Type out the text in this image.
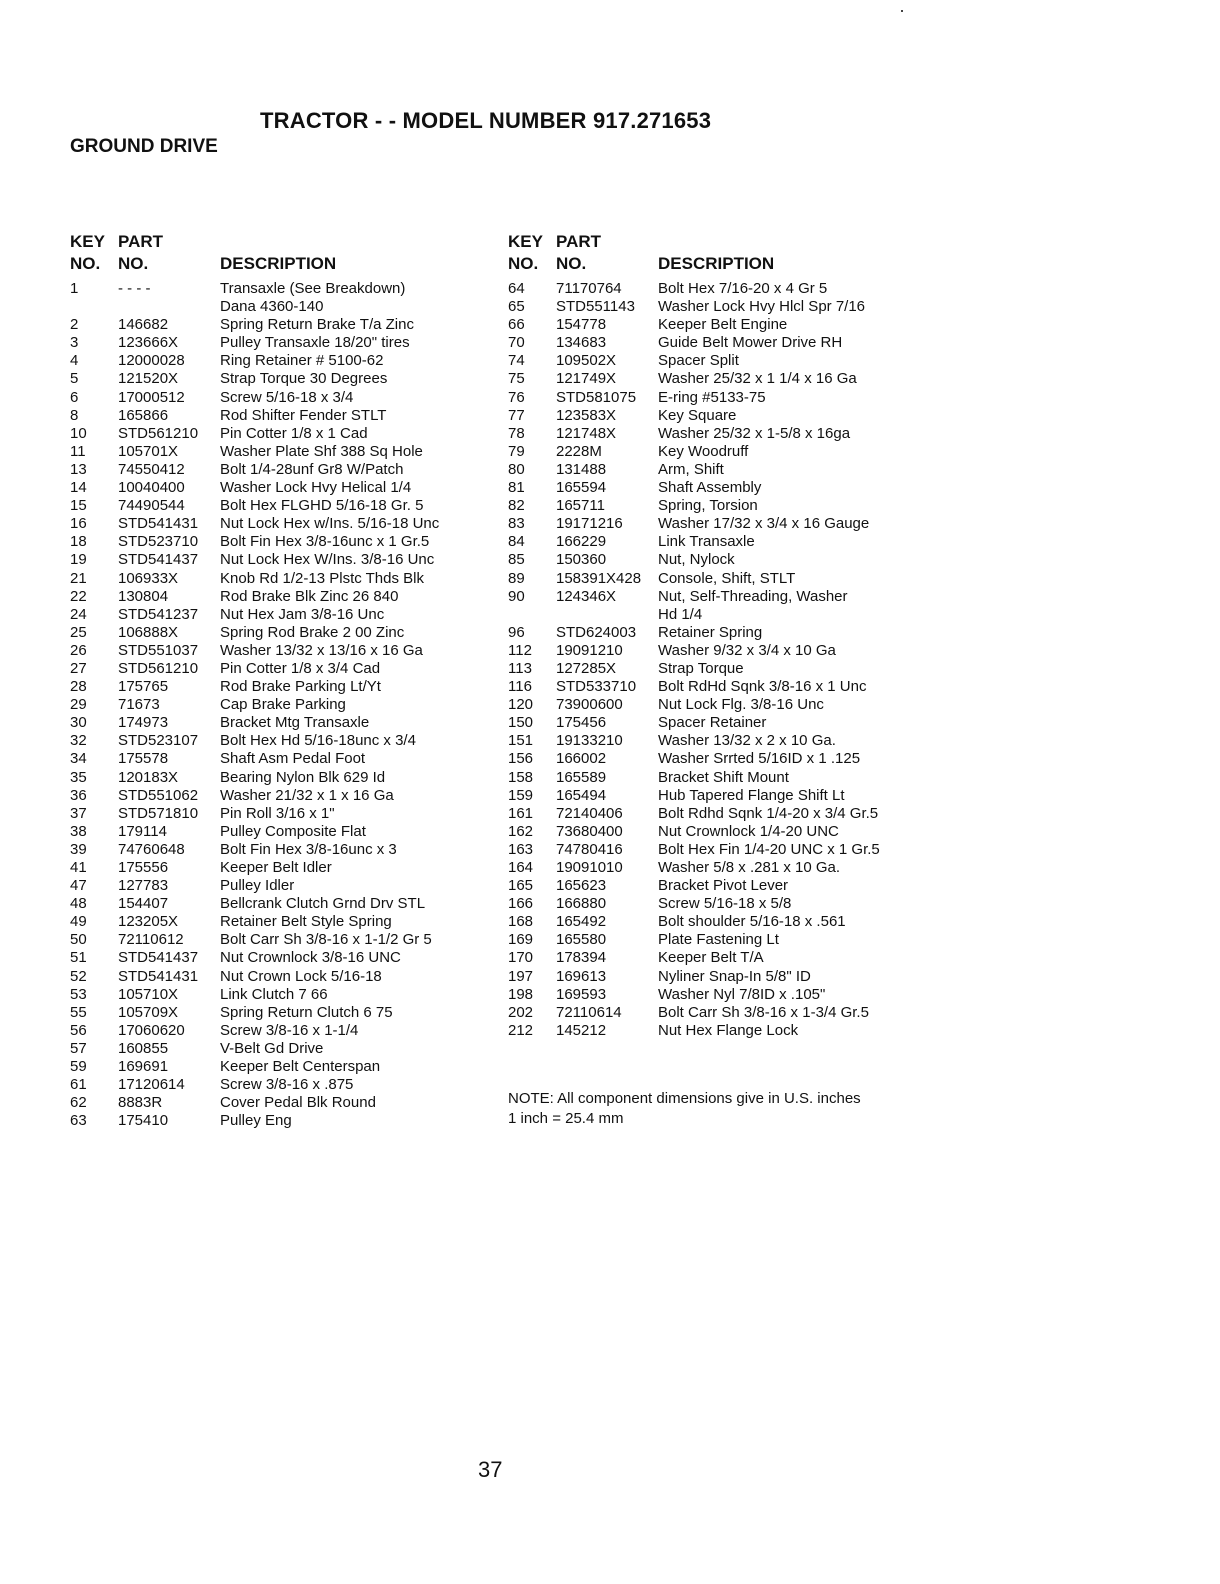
TRACTOR - - MODEL NUMBER 917.271653
GROUND DRIVE
KEY
NO.
PART
NO.	DESCRIPTION
1	- - - -	Transaxle (See Breakdown)
Dana 4360-140
2	146682	Spring Return Brake T/a Zinc
3	123666X	Pulley Transaxle 18/20" tires
4	12000028 Ring Retainer # 5100-62
5	121520X	Strap Torque 30 Degrees
6	17000512 Screw 5/16-18 x 3/4
8	165866	Rod Shifter Fender STLT
10 STD561210 Pin Cotter 1/8 x 1 Cad
11 105701X	Washer Plate Shf 388 Sq Hole
13 74550412 Bolt 1/4-28unf Gr8 W/Patch
14 10040400 Washer Lock Hvy Helical 1/4
15 74490544 Bolt Hex FLGHD 5/16-18 Gr. 5
16 STD541431 Nut Lock Hex w/Ins. 5/16-18 Unc
18 STD523710 Bolt Fin Hex 3/8-16unc x 1 Gr.5
19 STD541437 Nut Lock Hex W/Ins. 3/8-16 Unc
21 106933X	Knob Rd 1/2-13 Plstc Thds Blk
22 130804	Rod Brake Blk Zinc 26 840
24 STD541237 Nut Hex Jam 3/8-16 Unc
25 106888X	Spring Rod Brake 2 00 Zinc
26 STD551037 Washer 13/32 x 13/16 x 16 Ga
27 STD561210 Pin Cotter 1/8 x 3/4 Cad
28 175765	Rod Brake Parking Lt/Yt
29 71673	Cap Brake Parking
30 174973	Bracket Mtg Transaxle
32 STD523107 Bolt Hex Hd 5/16-18unc x 3/4
34 175578	Shaft Asm Pedal Foot
35 120183X	Bearing Nylon Blk 629 Id
36 STD551062 Washer 21/32 x 1 x 16 Ga
37 STD571810 Pin Roll 3/16 x 1"
38 179114	Pulley Composite Flat
39 74760648 Bolt Fin Hex 3/8-16unc x 3
41 175556	Keeper Belt Idler
47 127783	Pulley Idler
48 154407	Bellcrank Clutch Grnd Drv STL
49 123205X	Retainer Belt Style Spring
50 72110612 Bolt Carr Sh 3/8-16 x 1-1/2 Gr 5
51 STD541437 Nut Crownlock 3/8-16 UNC
52 STD541431 Nut Crown Lock 5/16-18
53 105710X	Link Clutch 7 66
55 105709X	Spring Return Clutch 6 75
56 17060620 Screw 3/8-16 x 1-1/4
57 160855	V-Belt Gd Drive
59 169691	Keeper Belt Centerspan
61 17120614 Screw 3/8-16 x .875
62 8883R	Cover Pedal Blk Round
63 175410	Pulley Eng
KEY
NO.
PART
NO.	DESCRIPTION
64 71170764 Bolt Hex 7/16-20 x 4 Gr 5
65 STD551143 Washer Lock Hvy Hlcl Spr 7/16
66 154778	Keeper Belt Engine
70 134683	Guide Belt Mower Drive RH
74 109502X	Spacer Split
75 121749X	Washer 25/32 x 1 1/4 x 16 Ga
76 STD581075 E-ring #5133-75
77 123583X	Key Square
78 121748X	Washer 25/32 x 1-5/8 x 16ga
79 2228M	Key Woodruff
80 131488	Arm, Shift
81 165594	Shaft Assembly
82 165711	Spring, Torsion
83 19171216 Washer 17/32 x 3/4 x 16 Gauge
84 166229	Link Transaxle
85 150360	Nut, Nylock
89 158391X428 Console, Shift, STLT
90 124346X	Nut, Self-Threading, Washer
Hd 1/4
96 STD624003 Retainer Spring
112 19091210 Washer 9/32 x 3/4 x 10 Ga
113 127285X	Strap Torque
116 STD533710 Bolt RdHd Sqnk 3/8-16 x 1 Unc
120 73900600 Nut Lock Flg. 3/8-16 Unc
150 175456	Spacer Retainer
151 19133210 Washer 13/32 x 2 x 10 Ga.
156 166002	Washer Srrted 5/16ID x 1 .125
158 165589	Bracket Shift Mount
159 165494	Hub Tapered Flange Shift Lt
161 72140406 Bolt Rdhd Sqnk 1/4-20 x 3/4 Gr.5
162 73680400 Nut Crownlock 1/4-20 UNC
163 74780416 Bolt Hex Fin 1/4-20 UNC x 1 Gr.5
164 19091010 Washer 5/8 x .281 x 10 Ga.
165 165623	Bracket Pivot Lever
166 166880	Screw 5/16-18 x 5/8
168 165492	Bolt shoulder 5/16-18 x .561
169 165580	Plate Fastening Lt
170 178394	Keeper Belt T/A
197 169613	Nyliner Snap-In 5/8" ID
198 169593	Washer Nyl 7/8ID x .105"
202 72110614 Bolt Carr Sh 3/8-16 x 1-3/4 Gr.5
212 145212	Nut Hex Flange Lock
NOTE: All component dimensions give in U.S. inches
1 inch = 25.4 mm
37
